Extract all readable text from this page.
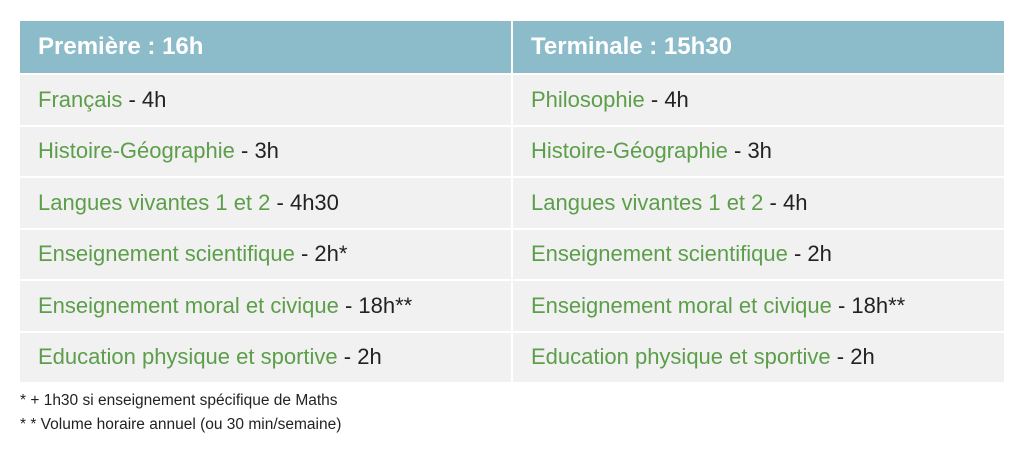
Première : 16h
Français - 4h
Histoire-Géographie - 3h
Langues vivantes 1 et 2 - 4h30
Enseignement scientifique - 2h*
Enseignement moral et civique - 18h**
Education physique et sportive - 2h
Terminale : 15h30
Philosophie - 4h
Histoire-Géographie - 3h
Langues vivantes 1 et 2 - 4h
Enseignement scientifique - 2h
Enseignement moral et civique - 18h**
Education physique et sportive - 2h
* + 1h30 si enseignement spécifique de Maths
* * Volume horaire annuel (ou 30 min/semaine)
